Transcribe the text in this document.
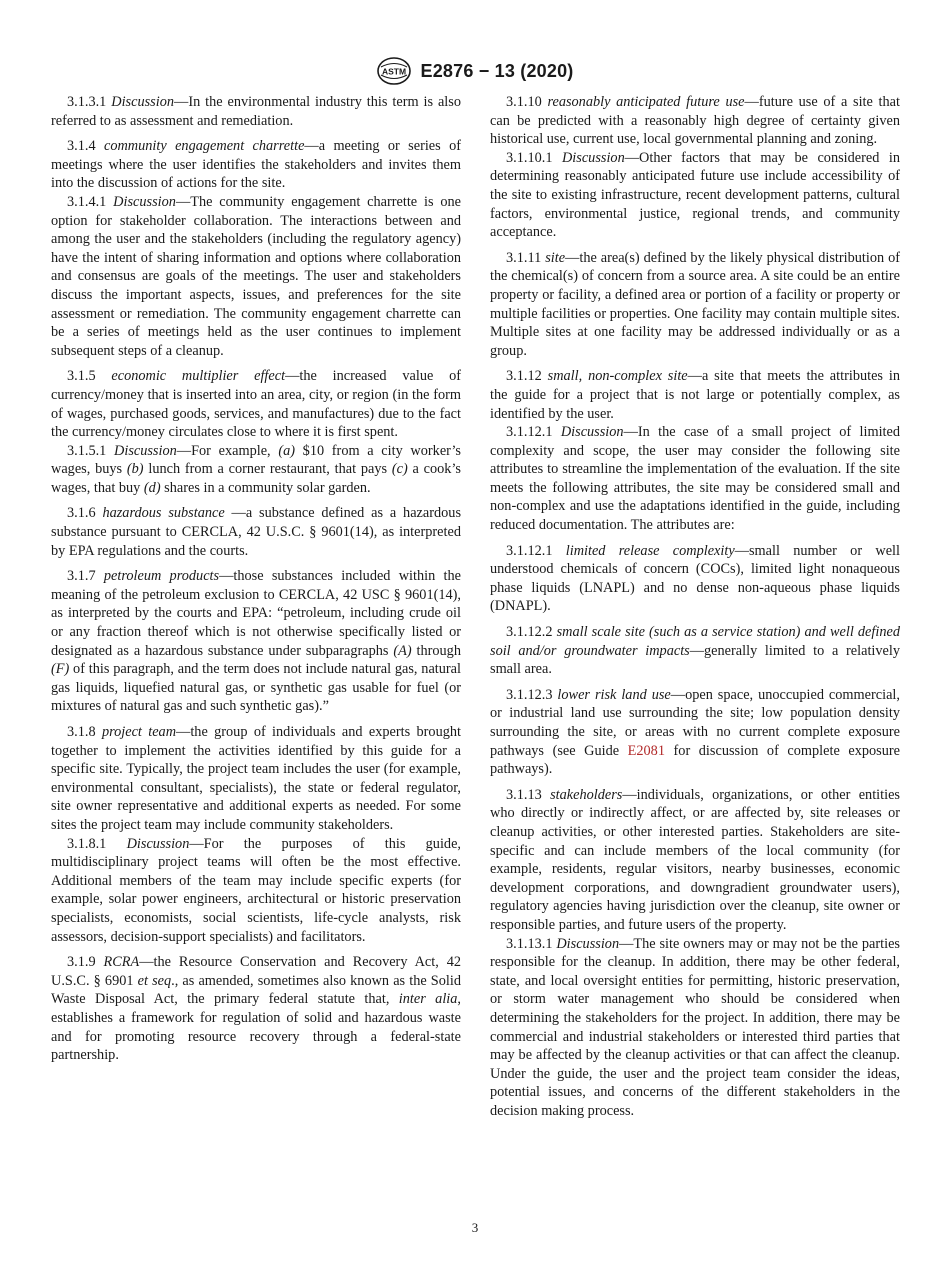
ASTM E2876 − 13 (2020)

3.1.3.1 Discussion—In the environmental industry this term is also referred to as assessment and remediation.

3.1.4 community engagement charrette—a meeting or series of meetings where the user identifies the stakeholders and invites them into the discussion of actions for the site.

3.1.4.1 Discussion—The community engagement charrette is one option for stakeholder collaboration. The interactions between and among the user and the stakeholders (including the regulatory agency) have the intent of sharing information and options where collaboration and consensus are goals of the meetings. The user and stakeholders discuss the important aspects, issues, and preferences for the site assessment or remediation. The community engagement charrette can be a series of meetings held as the user continues to implement subsequent steps of a cleanup.

3.1.5 economic multiplier effect—the increased value of currency/money that is inserted into an area, city, or region (in the form of wages, purchased goods, services, and manufactures) due to the fact the currency/money circulates close to where it is first spent.

3.1.5.1 Discussion—For example, (a) $10 from a city worker’s wages, buys (b) lunch from a corner restaurant, that pays (c) a cook’s wages, that buy (d) shares in a community solar garden.

3.1.6 hazardous substance —a substance defined as a hazardous substance pursuant to CERCLA, 42 U.S.C. § 9601(14), as interpreted by EPA regulations and the courts.

3.1.7 petroleum products—those substances included within the meaning of the petroleum exclusion to CERCLA, 42 USC § 9601(14), as interpreted by the courts and EPA: “petroleum, including crude oil or any fraction thereof which is not otherwise specifically listed or designated as a hazardous substance under subparagraphs (A) through (F) of this paragraph, and the term does not include natural gas, natural gas liquids, liquefied natural gas, or synthetic gas usable for fuel (or mixtures of natural gas and such synthetic gas).”

3.1.8 project team—the group of individuals and experts brought together to implement the activities identified by this guide for a specific site. Typically, the project team includes the user (for example, environmental consultant, specialists), the state or federal regulator, site owner representative and additional experts as needed. For some sites the project team may include community stakeholders.

3.1.8.1 Discussion—For the purposes of this guide, multidisciplinary project teams will often be the most effective. Additional members of the team may include specific experts (for example, solar power engineers, architectural or historic preservation specialists, economists, social scientists, life-cycle analysts, risk assessors, decision-support specialists) and facilitators.

3.1.9 RCRA—the Resource Conservation and Recovery Act, 42 U.S.C. § 6901 et seq., as amended, sometimes also known as the Solid Waste Disposal Act, the primary federal statute that, inter alia, establishes a framework for regulation of solid and hazardous waste and for promoting resource recovery through a federal-state partnership.

3.1.10 reasonably anticipated future use—future use of a site that can be predicted with a reasonably high degree of certainty given historical use, current use, local governmental planning and zoning.

3.1.10.1 Discussion—Other factors that may be considered in determining reasonably anticipated future use include accessibility of the site to existing infrastructure, recent development patterns, cultural factors, environmental justice, regional trends, and community acceptance.

3.1.11 site—the area(s) defined by the likely physical distribution of the chemical(s) of concern from a source area. A site could be an entire property or facility, a defined area or portion of a facility or property or multiple facilities or properties. One facility may contain multiple sites. Multiple sites at one facility may be addressed individually or as a group.

3.1.12 small, non-complex site—a site that meets the attributes in the guide for a project that is not large or potentially complex, as identified by the user.

3.1.12.1 Discussion—In the case of a small project of limited complexity and scope, the user may consider the following site attributes to streamline the implementation of the evaluation. If the site meets the following attributes, the site may be considered small and non-complex and use the adaptations identified in the guide, including reduced documentation. The attributes are:

3.1.12.1 limited release complexity—small number or well understood chemicals of concern (COCs), limited light nonaqueous phase liquids (LNAPL) and no dense non-aqueous phase liquids (DNAPL).

3.1.12.2 small scale site (such as a service station) and well defined soil and/or groundwater impacts—generally limited to a relatively small area.

3.1.12.3 lower risk land use—open space, unoccupied commercial, or industrial land use surrounding the site; low population density surrounding the site, or areas with no current complete exposure pathways (see Guide E2081 for discussion of complete exposure pathways).

3.1.13 stakeholders—individuals, organizations, or other entities who directly or indirectly affect, or are affected by, site releases or cleanup activities, or other interested parties. Stakeholders are site-specific and can include members of the local community (for example, residents, regular visitors, nearby businesses, economic development corporations, and downgradient groundwater users), regulatory agencies having jurisdiction over the cleanup, site owner or responsible parties, and future users of the property.

3.1.13.1 Discussion—The site owners may or may not be the parties responsible for the cleanup. In addition, there may be other federal, state, and local oversight entities for permitting, historic preservation, or storm water management who should be considered when determining the stakeholders for the project. In addition, there may be commercial and industrial stakeholders or interested third parties that may be affected by the cleanup activities or that can affect the cleanup. Under the guide, the user and the project team consider the ideas, potential issues, and concerns of the different stakeholders in the decision making process.

3
